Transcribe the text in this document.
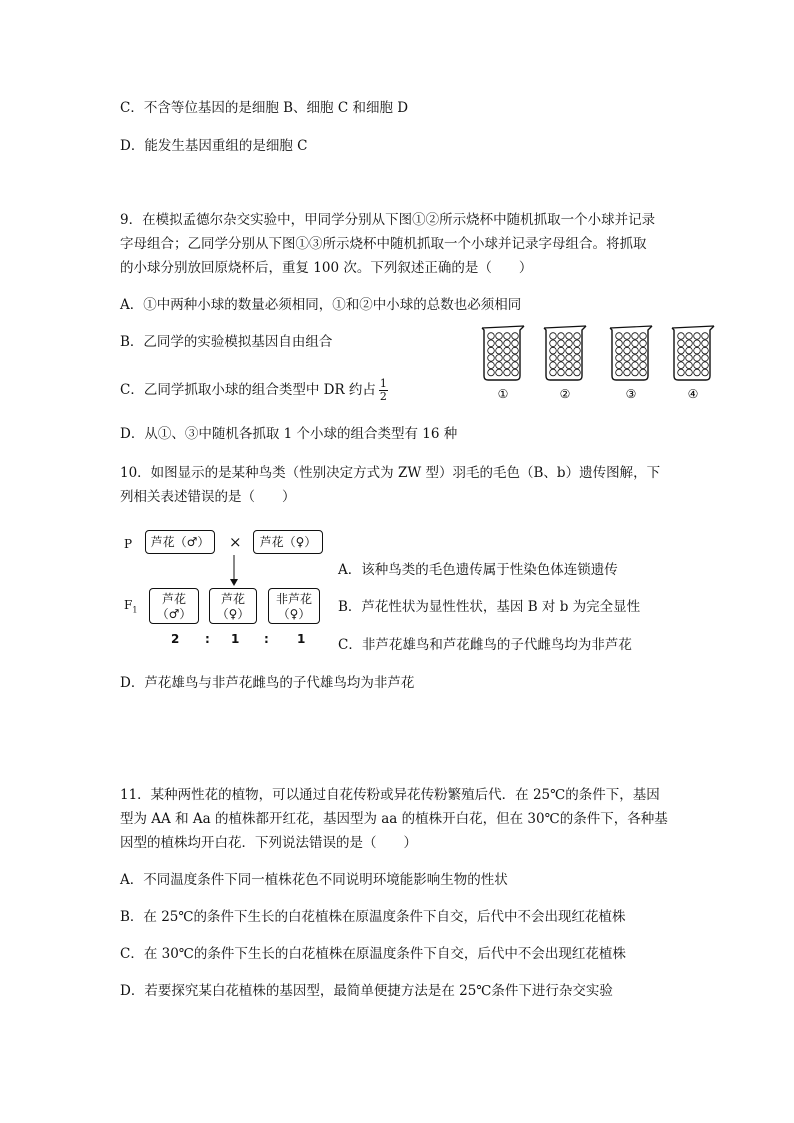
C．不含等位基因的是细胞 B、细胞 C 和细胞 D
D．能发生基因重组的是细胞 C
9．在模拟孟德尔杂交实验中，甲同学分别从下图①②所示烧杯中随机抓取一个小球并记录
字母组合；乙同学分别从下图①③所示烧杯中随机抓取一个小球并记录字母组合。将抓取
的小球分别放回原烧杯后，重复 100 次。下列叙述正确的是（　　）
A．①中两种小球的数量必须相同，①和②中小球的总数也必须相同
B．乙同学的实验模拟基因自由组合
C．乙同学抓取小球的组合类型中 DR 约占 $\frac{1}{2}$
D．从①、③中随机各抓取 1 个小球的组合类型有 16 种
①	②	③	④
10．如图显示的是某种鸟类（性别决定方式为 ZW 型）羽毛的毛色（B、b）遗传图解，下
列相关表述错误的是（　　）
P	芦花（♂）	×	芦花（♀）
$F_1$
芦花
（♂）
芦花
（♀）
非芦花
（♀）
2 : 1 : 1
A．该种鸟类的毛色遗传属于性染色体连锁遗传
B．芦花性状为显性性状，基因 B 对 b 为完全显性
C．非芦花雄鸟和芦花雌鸟的子代雌鸟均为非芦花
D．芦花雄鸟与非芦花雌鸟的子代雄鸟均为非芦花
11．某种两性花的植物，可以通过自花传粉或异花传粉繁殖后代．在 25℃的条件下，基因
型为 AA 和 Aa 的植株都开红花，基因型为 aa 的植株开白花，但在 30℃的条件下，各种基
因型的植株均开白花．下列说法错误的是（　　）
A．不同温度条件下同一植株花色不同说明环境能影响生物的性状
B．在 25℃的条件下生长的白花植株在原温度条件下自交，后代中不会出现红花植株
C．在 30℃的条件下生长的白花植株在原温度条件下自交，后代中不会出现红花植株
D．若要探究某白花植株的基因型，最简单便捷方法是在 25℃条件下进行杂交实验
